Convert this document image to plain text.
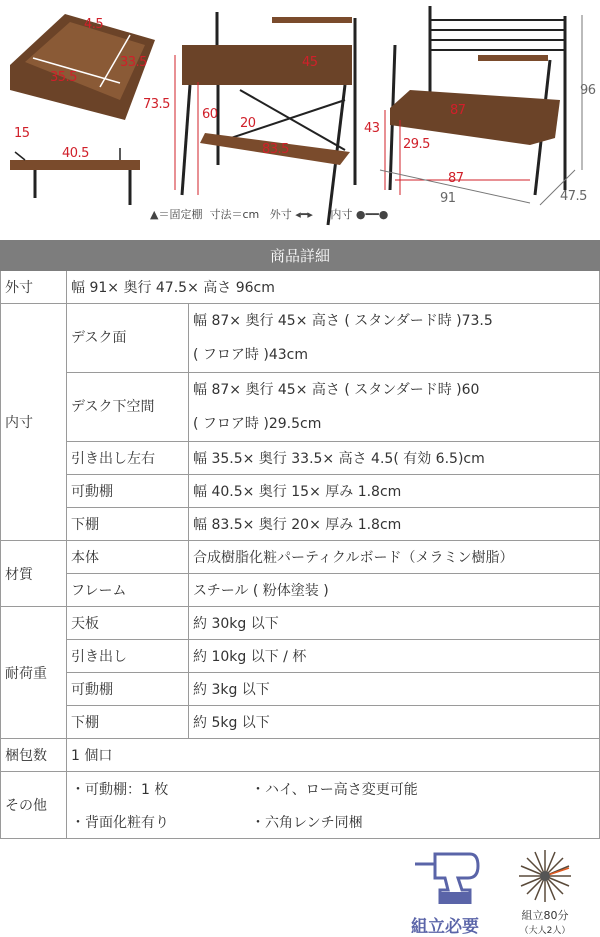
4.5
33.5
35.5
15
40.5
73.5
60
45
20
83.5
96
87
43
29.5
87
91	47.5
▲＝固定棚 寸法＝cm 外寸 ◂━▸     内寸 ●━━●
商品詳細		
外寸	幅 91× 奥行 47.5× 高さ 96cm	
内寸	デスク面	幅 87× 奥行 45× 高さ ( スタンダード時 )73.5
( フロア時 )43cm

	デスク下空間	幅 87× 奥行 45× 高さ ( スタンダード時 )60
( フロア時 )29.5cm

	引き出し左右	幅 35.5× 奥行 33.5× 高さ 4.5( 有効 6.5)cm
	可動棚	幅 40.5× 奥行 15× 厚み 1.8cm
	下棚	幅 83.5× 奥行 20× 厚み 1.8cm
材質	本体	合成樹脂化粧パーティクルボード（メラミン樹脂）
	フレーム	スチール ( 粉体塗装 )
耐荷重	天板	約 30kg 以下
	引き出し	約 10kg 以下 / 杯
	可動棚	約 3kg 以下
	下棚	約 5kg 以下
梱包数	1 個口	
その他	・可動棚：1 枚 ・ハイ、ロー高さ変更可能
・背面化粧有り ・六角レンチ同梱	
組立必要
組立80分
（大人2人）
